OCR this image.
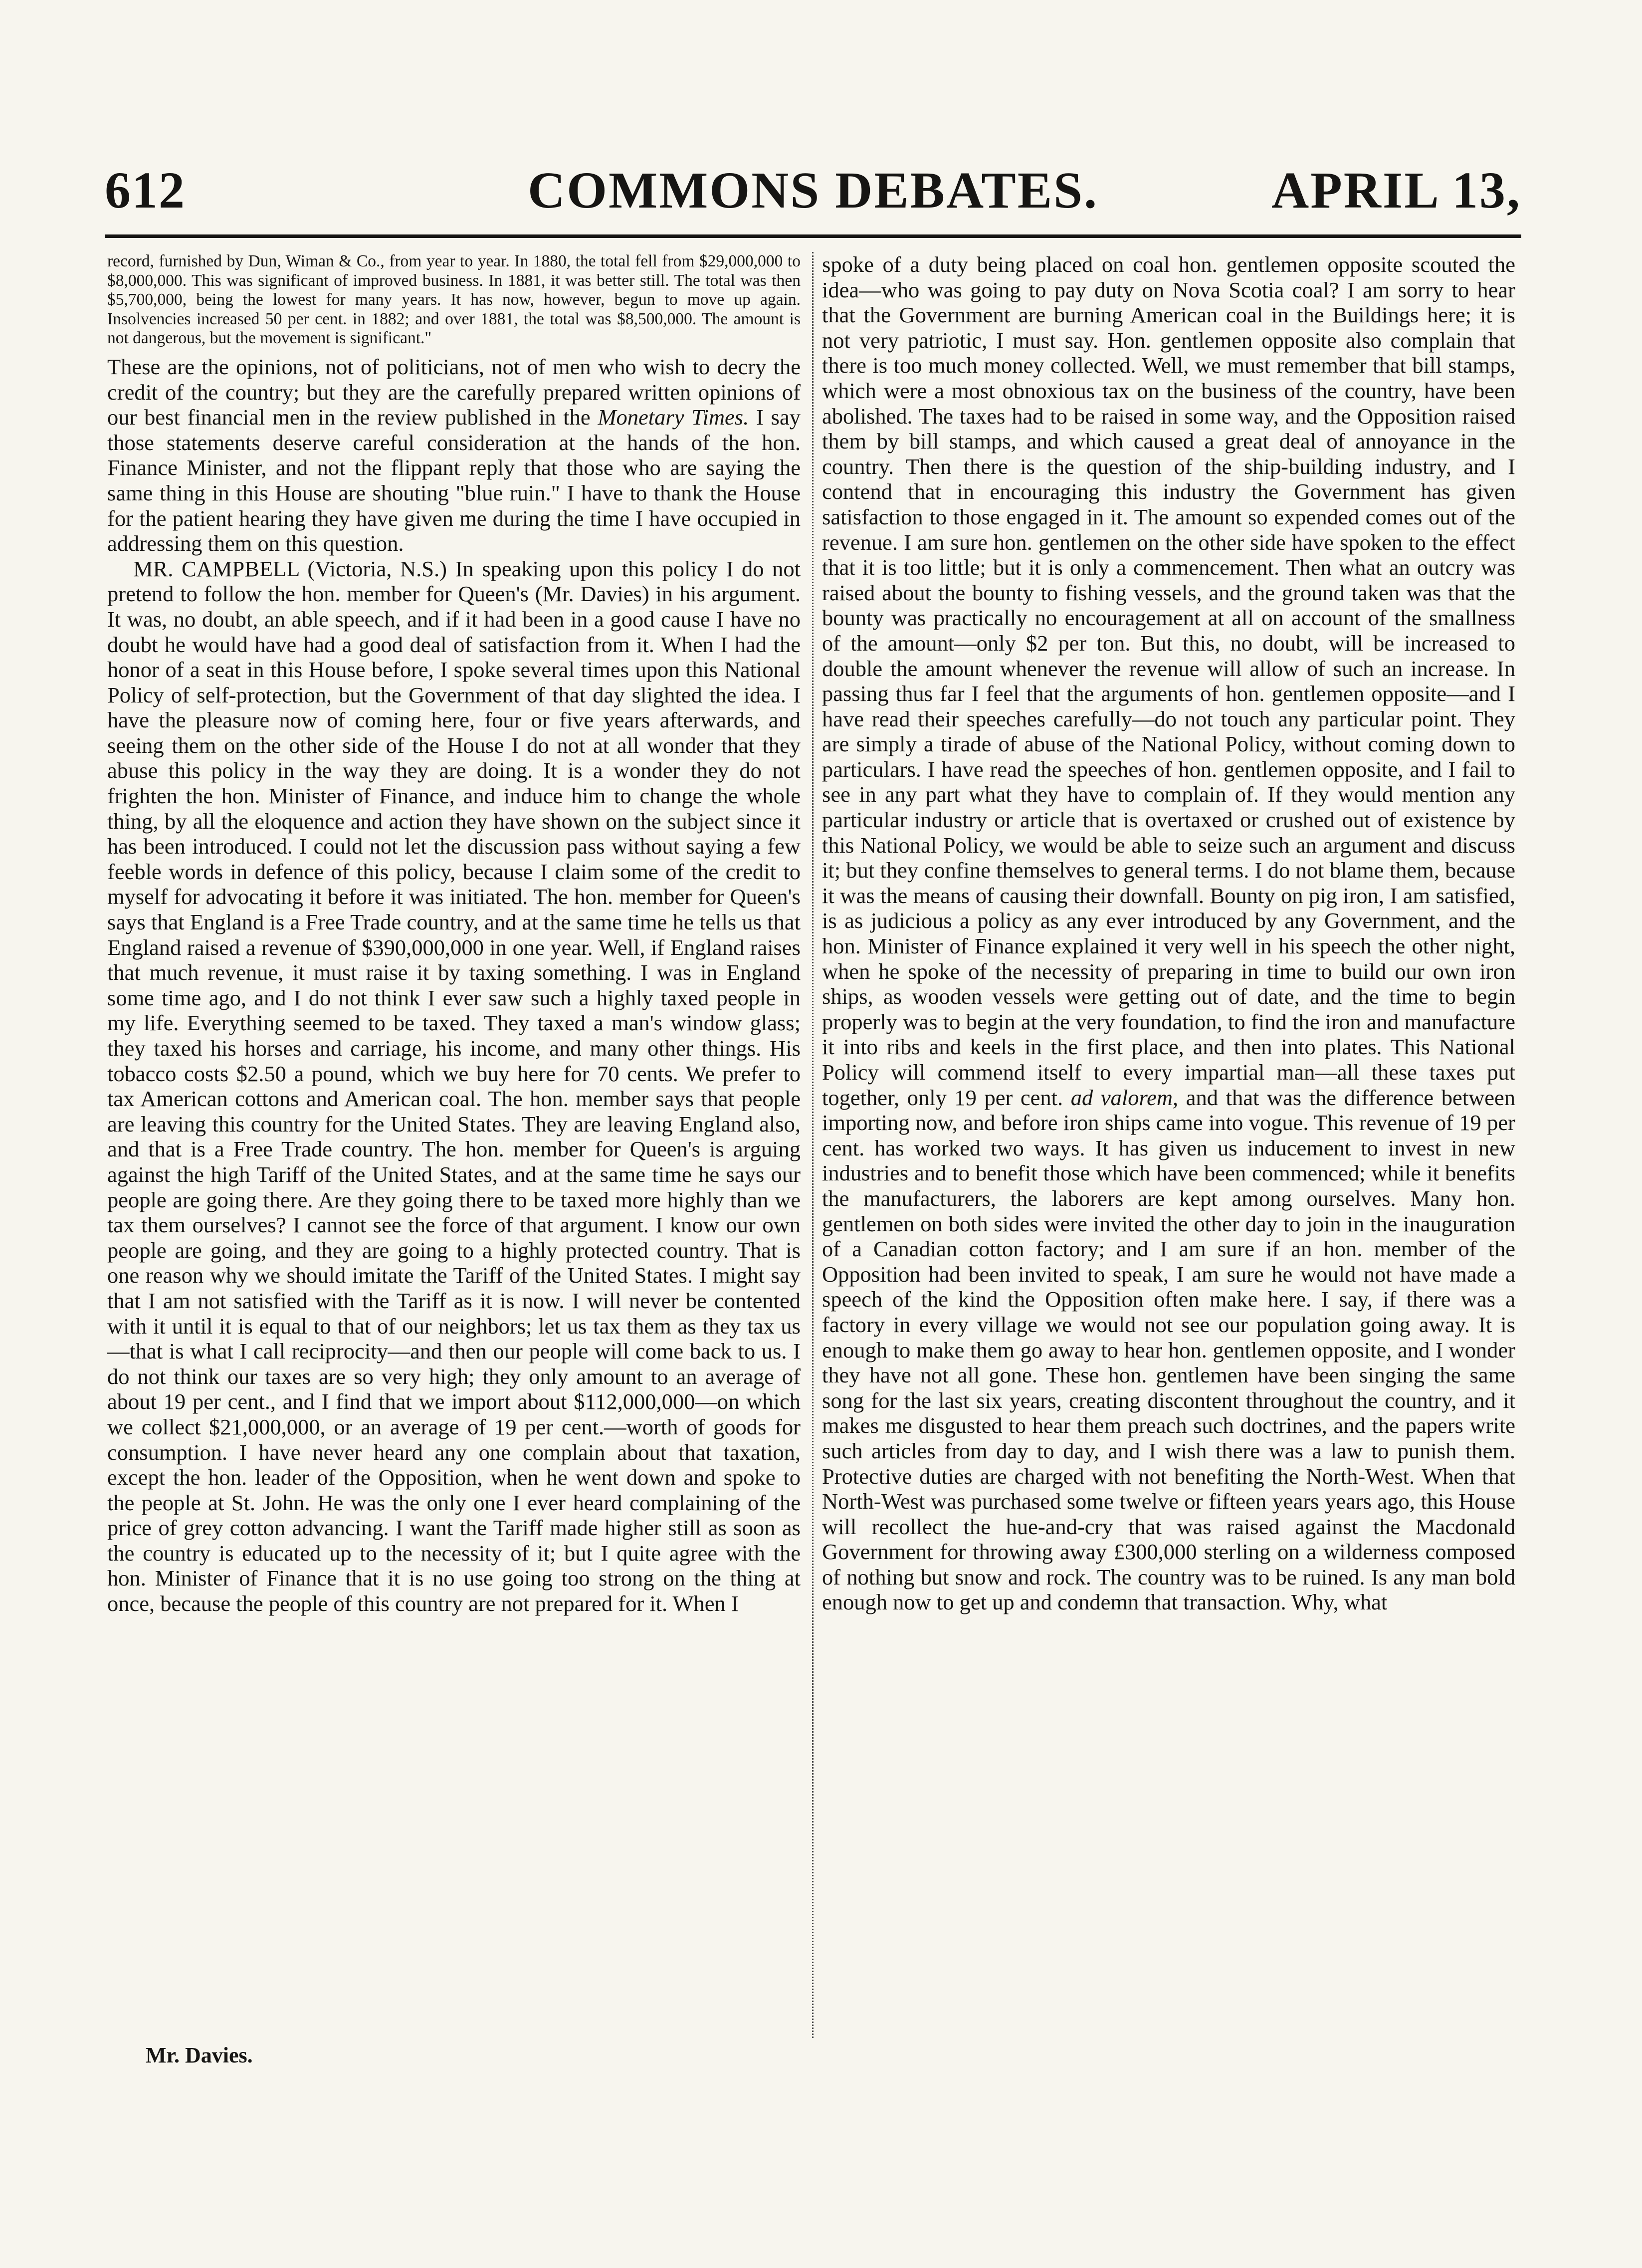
612	COMMONS DEBATES.	APRIL 13,

record, furnished by Dun, Wiman & Co., from year to year. In 1880, the total fell from $29,000,000 to $8,000,000. This was significant of improved business. In 1881, it was better still. The total was then $5,700,000, being the lowest for many years. It has now, however, begun to move up again. Insolvencies increased 50 per cent. in 1882; and over 1881, the total was $8,500,000. The amount is not dangerous, but the movement is significant."

These are the opinions, not of politicians, not of men who wish to decry the credit of the country; but they are the carefully prepared written opinions of our best financial men in the review published in the Monetary Times. I say those statements deserve careful consideration at the hands of the hon. Finance Minister, and not the flippant reply that those who are saying the same thing in this House are shouting "blue ruin." I have to thank the House for the patient hearing they have given me during the time I have occupied in addressing them on this question.

MR. CAMPBELL (Victoria, N.S.) In speaking upon this policy I do not pretend to follow the hon. member for Queen's (Mr. Davies) in his argument. It was, no doubt, an able speech, and if it had been in a good cause I have no doubt he would have had a good deal of satisfaction from it. When I had the honor of a seat in this House before, I spoke several times upon this National Policy of self-protection, but the Government of that day slighted the idea. I have the pleasure now of coming here, four or five years afterwards, and seeing them on the other side of the House I do not at all wonder that they abuse this policy in the way they are doing. It is a wonder they do not frighten the hon. Minister of Finance, and induce him to change the whole thing, by all the eloquence and action they have shown on the subject since it has been introduced. I could not let the discussion pass without saying a few feeble words in defence of this policy, because I claim some of the credit to myself for advocating it before it was initiated. The hon. member for Queen's says that England is a Free Trade country, and at the same time he tells us that England raised a revenue of $390,000,000 in one year. Well, if England raises that much revenue, it must raise it by taxing something. I was in England some time ago, and I do not think I ever saw such a highly taxed people in my life. Everything seemed to be taxed. They taxed a man's window glass; they taxed his horses and carriage, his income, and many other things. His tobacco costs $2.50 a pound, which we buy here for 70 cents. We prefer to tax American cottons and American coal. The hon. member says that people are leaving this country for the United States. They are leaving England also, and that is a Free Trade country. The hon. member for Queen's is arguing against the high Tariff of the United States, and at the same time he says our people are going there. Are they going there to be taxed more highly than we tax them ourselves? I cannot see the force of that argument. I know our own people are going, and they are going to a highly protected country. That is one reason why we should imitate the Tariff of the United States. I might say that I am not satisfied with the Tariff as it is now. I will never be contented with it until it is equal to that of our neighbors; let us tax them as they tax us—that is what I call reciprocity—and then our people will come back to us. I do not think our taxes are so very high; they only amount to an average of about 19 per cent., and I find that we import about $112,000,000—on which we collect $21,000,000, or an average of 19 per cent.—worth of goods for consumption. I have never heard any one complain about that taxation, except the hon. leader of the Opposition, when he went down and spoke to the people at St. John. He was the only one I ever heard complaining of the price of grey cotton advancing. I want the Tariff made higher still as soon as the country is educated up to the necessity of it; but I quite agree with the hon. Minister of Finance that it is no use going too strong on the thing at once, because the people of this country are not prepared for it. When I

spoke of a duty being placed on coal hon. gentlemen opposite scouted the idea—who was going to pay duty on Nova Scotia coal? I am sorry to hear that the Government are burning American coal in the Buildings here; it is not very patriotic, I must say. Hon. gentlemen opposite also complain that there is too much money collected. Well, we must remember that bill stamps, which were a most obnoxious tax on the business of the country, have been abolished. The taxes had to be raised in some way, and the Opposition raised them by bill stamps, and which caused a great deal of annoyance in the country. Then there is the question of the ship-building industry, and I contend that in encouraging this industry the Government has given satisfaction to those engaged in it. The amount so expended comes out of the revenue. I am sure hon. gentlemen on the other side have spoken to the effect that it is too little; but it is only a commencement. Then what an outcry was raised about the bounty to fishing vessels, and the ground taken was that the bounty was practically no encouragement at all on account of the smallness of the amount—only $2 per ton. But this, no doubt, will be increased to double the amount whenever the revenue will allow of such an increase. In passing thus far I feel that the arguments of hon. gentlemen opposite—and I have read their speeches carefully—do not touch any particular point. They are simply a tirade of abuse of the National Policy, without coming down to particulars. I have read the speeches of hon. gentlemen opposite, and I fail to see in any part what they have to complain of. If they would mention any particular industry or article that is overtaxed or crushed out of existence by this National Policy, we would be able to seize such an argument and discuss it; but they confine themselves to general terms. I do not blame them, because it was the means of causing their downfall. Bounty on pig iron, I am satisfied, is as judicious a policy as any ever introduced by any Government, and the hon. Minister of Finance explained it very well in his speech the other night, when he spoke of the necessity of preparing in time to build our own iron ships, as wooden vessels were getting out of date, and the time to begin properly was to begin at the very foundation, to find the iron and manufacture it into ribs and keels in the first place, and then into plates. This National Policy will commend itself to every impartial man—all these taxes put together, only 19 per cent. ad valorem, and that was the difference between importing now, and before iron ships came into vogue. This revenue of 19 per cent. has worked two ways. It has given us inducement to invest in new industries and to benefit those which have been commenced; while it benefits the manufacturers, the laborers are kept among ourselves. Many hon. gentlemen on both sides were invited the other day to join in the inauguration of a Canadian cotton factory; and I am sure if an hon. member of the Opposition had been invited to speak, I am sure he would not have made a speech of the kind the Opposition often make here. I say, if there was a factory in every village we would not see our population going away. It is enough to make them go away to hear hon. gentlemen opposite, and I wonder they have not all gone. These hon. gentlemen have been singing the same song for the last six years, creating discontent throughout the country, and it makes me disgusted to hear them preach such doctrines, and the papers write such articles from day to day, and I wish there was a law to punish them. Protective duties are charged with not benefiting the North-West. When that North-West was purchased some twelve or fifteen years years ago, this House will recollect the hue-and-cry that was raised against the Macdonald Government for throwing away £300,000 sterling on a wilderness composed of nothing but snow and rock. The country was to be ruined. Is any man bold enough now to get up and condemn that transaction. Why, what

Mr. Davies.
